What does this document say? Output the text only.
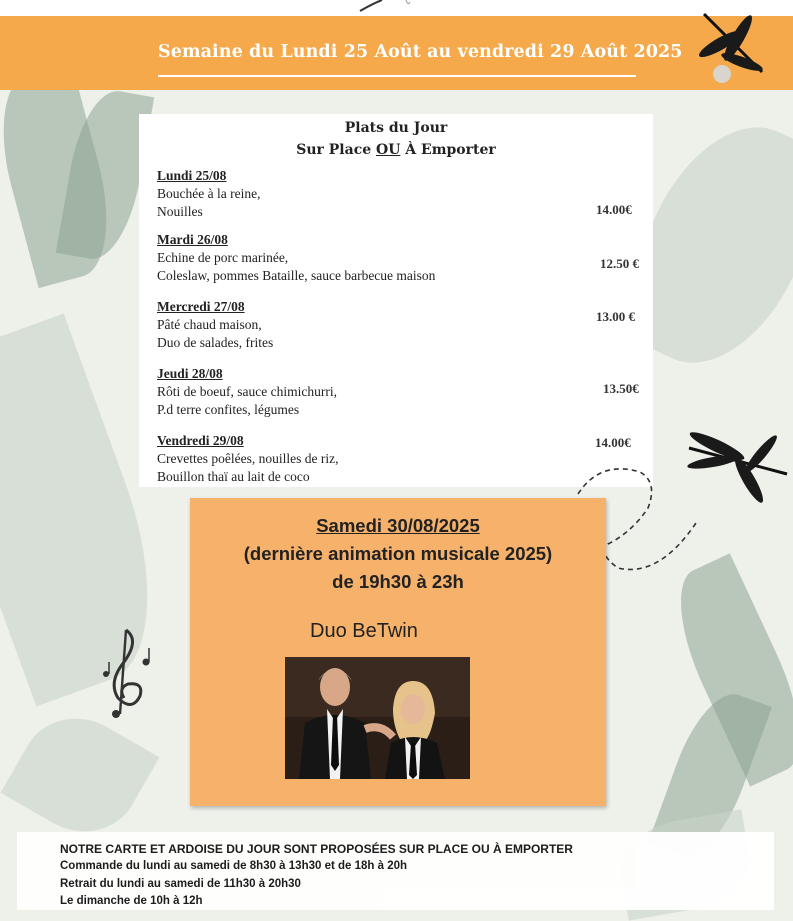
Semaine du Lundi 25 Août au vendredi 29 Août 2025
Plats du Jour
Sur Place OU À Emporter
Lundi 25/08
Bouchée à la reine,
Nouilles	14.00€
Mardi 26/08
Echine de porc marinée,
Coleslaw, pommes Bataille, sauce barbecue maison
12.50 €
Mercredi 27/08
Pâté chaud maison,
Duo de salades, frites
13.00 €
Jeudi 28/08
Rôti de boeuf, sauce chimichurri,
P.d terre confites, légumes
13.50€
Vendredi 29/08
Crevettes poêlées, nouilles de riz,
Bouillon thaï au lait de coco
14.00€
Samedi 30/08/2025
(dernière animation musicale 2025)
de 19h30 à 23h
Duo BeTwin
NOTRE CARTE ET ARDOISE DU JOUR SONT PROPOSÉES SUR PLACE OU À EMPORTER
Commande du lundi au samedi de 8h30 à 13h30 et de 18h à 20h
Retrait du lundi au samedi de 11h30 à 20h30
Le dimanche de 10h à 12h
